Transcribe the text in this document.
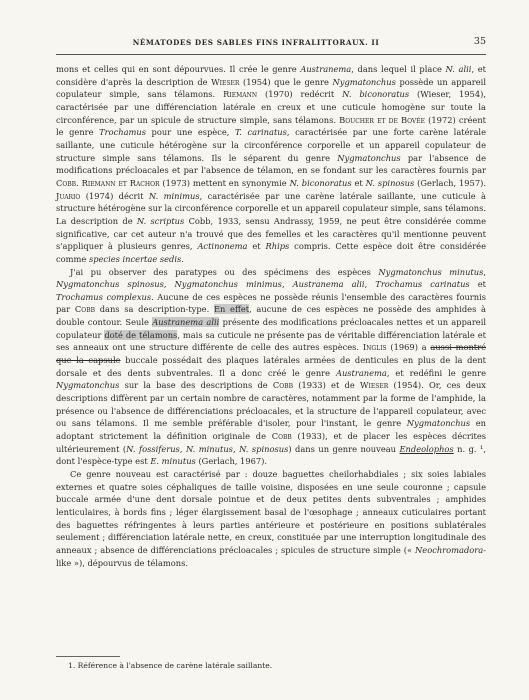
NÉMATODES DES SABLES FINS INFRALITTORAUX. II	35

mons et celles qui en sont dépourvues. Il crée le genre Austranema, dans lequel il place N. alii, et considère d'après la description de Wieser (1954) que le genre Nygmatonchus possède un appareil copulateur simple, sans télamons. Riemann (1970) redécrit N. biconoratus (Wieser, 1954), caractérisée par une différenciation latérale en creux et une cuticule homogène sur toute la circonférence, par un spicule de structure simple, sans télamons. Boucher et de Bovée (1972) créent le genre Trochamus pour une espèce, T. carinatus, caractérisée par une forte carène latérale saillante, une cuticule hétérogène sur la circonférence corporelle et un appareil copulateur de structure simple sans télamons. Ils le séparent du genre Nygmatonchus par l'absence de modifications précloacales et par l'absence de télamon, en se fondant sur les caractères fournis par Cobb. Riemann et Rachor (1973) mettent en synonymie N. biconoratus et N. spinosus (Gerlach, 1957). Juario (1974) décrit N. minimus, caractérisée par une carène latérale saillante, une cuticule à structure hétérogène sur la circonférence corporelle et un appareil copulateur simple, sans télamons. La description de N. scriptus Cobb, 1933, sensu Andrassy, 1959, ne peut être considérée comme significative, car cet auteur n'a trouvé que des femelles et les caractères qu'il mentionne peuvent s'appliquer à plusieurs genres, Actinonema et Rhips compris. Cette espèce doit être considérée comme species incertae sedis.

J'ai pu observer des paratypes ou des spécimens des espèces Nygmatonchus minutus, Nygmatonchus spinosus, Nygmatonchus minimus, Austranema alii, Trochamus carinatus et Trochamus complexus. Aucune de ces espèces ne possède réunis l'ensemble des caractères fournis par Cobb dans sa description-type. En effet, aucune de ces espèces ne possède des amphides à double contour. Seule Austranema alii présente des modifications précloacales nettes et un appareil copulateur doté de télamons, mais sa cuticule ne présente pas de véritable différenciation latérale et ses anneaux ont une structure différente de celle des autres espèces. Inglis (1969) a aussi montré que la capsule buccale possédait des plaques latérales armées de denticules en plus de la dent dorsale et des dents subventrales. Il a donc créé le genre Austranema, et redéfini le genre Nygmatonchus sur la base des descriptions de Cobb (1933) et de Wieser (1954). Or, ces deux descriptions diffèrent par un certain nombre de caractères, notamment par la forme de l'amphide, la présence ou l'absence de différenciations précloacales, et la structure de l'appareil copulateur, avec ou sans télamons. Il me semble préférable d'isoler, pour l'instant, le genre Nygmatonchus en adoptant strictement la définition originale de Cobb (1933), et de placer les espèces décrites ultérieurement (N. fossiferus, N. minutus, N. spinosus) dans un genre nouveau Endeolophos n. g. ¹, dont l'espèce-type est E. minutus (Gerlach, 1967).

Ce genre nouveau est caractérisé par : douze baguettes cheilorhabdiales ; six soies labiales externes et quatre soies céphaliques de taille voisine, disposées en une seule couronne ; capsule buccale armée d'une dent dorsale pointue et de deux petites dents subventrales ; amphides lenticulaires, à bords fins ; léger élargissement basal de l'œsophage ; anneaux cuticulaires portant des baguettes réfringentes à leurs parties antérieure et postérieure en positions sublatérales seulement ; différenciation latérale nette, en creux, constituée par une interruption longitudinale des anneaux ; absence de différenciations précloacales ; spicules de structure simple (« Neochromadora-like »), dépourvus de télamons.

1. Référence à l'absence de carène latérale saillante.
